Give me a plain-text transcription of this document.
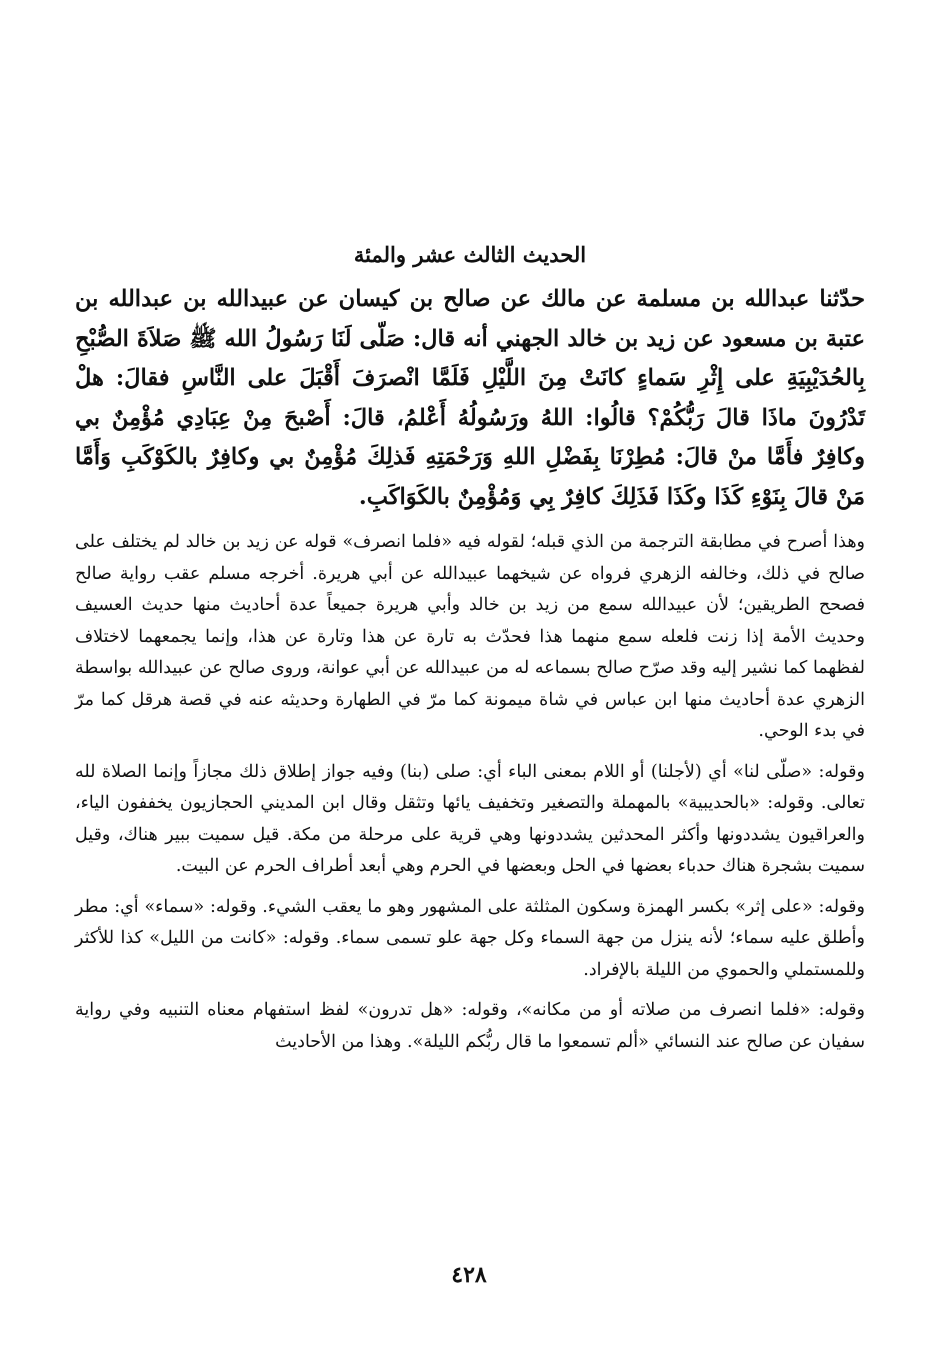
الحديث الثالث عشر والمئة

حدّثنا عبدالله بن مسلمة عن مالك عن صالح بن كيسان عن عبيدالله بن عبدالله بن عتبة بن مسعود عن زيد بن خالد الجهني أنه قال: صَلّى لَنَا رَسُولُ الله ﷺ صَلاَةَ الصُّبْحِ بِالحُدَيْبِيَةِ على إِثْرِ سَماءٍ كانَتْ مِنَ اللَّيْلِ فَلَمَّا انْصرَفَ أَقْبَلَ على النَّاسِ فقالَ: هلْ تَدْرُونَ ماذَا قالَ رَبُّكُمْ؟ قالُوا: اللهُ ورَسُولُهُ أَعْلمُ، قالَ: أَصْبحَ مِنْ عِبَادِي مُؤْمِنٌ بي وكافِرٌ فأَمَّا منْ قالَ: مُطِرْنَا بِفَضْلِ اللهِ وَرَحْمَتِهِ فَذلِكَ مُؤْمِنٌ بي وكافِرٌ بالكَوْكَبِ وَأَمَّا مَنْ قالَ بِنَوْءِ كَذَا وكَذَا فَذَلِكَ كافِرٌ بِي وَمُؤْمِنٌ بالكَوَاكَبِ.

وهذا أصرح في مطابقة الترجمة من الذي قبله؛ لقوله فيه «فلما انصرف» قوله عن زيد بن خالد لم يختلف على صالح في ذلك، وخالفه الزهري فرواه عن شيخهما عبيدالله عن أبي هريرة. أخرجه مسلم عقب رواية صالح فصحح الطريقين؛ لأن عبيدالله سمع من زيد بن خالد وأبي هريرة جميعاً عدة أحاديث منها حديث العسيف وحديث الأمة إذا زنت فلعله سمع منهما هذا فحدّث به تارة عن هذا وتارة عن هذا، وإنما يجمعهما لاختلاف لفظهما كما نشير إليه وقد صرّح صالح بسماعه له من عبيدالله عن أبي عوانة، وروى صالح عن عبيدالله بواسطة الزهري عدة أحاديث منها ابن عباس في شاة ميمونة كما مرّ في الطهارة وحديثه عنه في قصة هرقل كما مرّ في بدء الوحي.

وقوله: «صلّى لنا» أي (لأجلنا) أو اللام بمعنى الباء أي: صلى (بنا) وفيه جواز إطلاق ذلك مجازاً وإنما الصلاة لله تعالى. وقوله: «بالحديبية» بالمهملة والتصغير وتخفيف يائها وتثقل وقال ابن المديني الحجازيون يخففون الياء، والعراقيون يشددونها وأكثر المحدثين يشددونها وهي قرية على مرحلة من مكة. قيل سميت ببير هناك، وقيل سميت بشجرة هناك حدباء بعضها في الحل وبعضها في الحرم وهي أبعد أطراف الحرم عن البيت.

وقوله: «على إثر» بكسر الهمزة وسكون المثلثة على المشهور وهو ما يعقب الشيء. وقوله: «سماء» أي: مطر وأطلق عليه سماء؛ لأنه ينزل من جهة السماء وكل جهة علو تسمى سماء. وقوله: «كانت من الليل» كذا للأكثر وللمستملي والحموي من الليلة بالإفراد.

وقوله: «فلما انصرف من صلاته أو من مكانه»، وقوله: «هل تدرون» لفظ استفهام معناه التنبيه وفي رواية سفيان عن صالح عند النسائي «ألم تسمعوا ما قال ربُّكم الليلة». وهذا من الأحاديث

٤٢٨
